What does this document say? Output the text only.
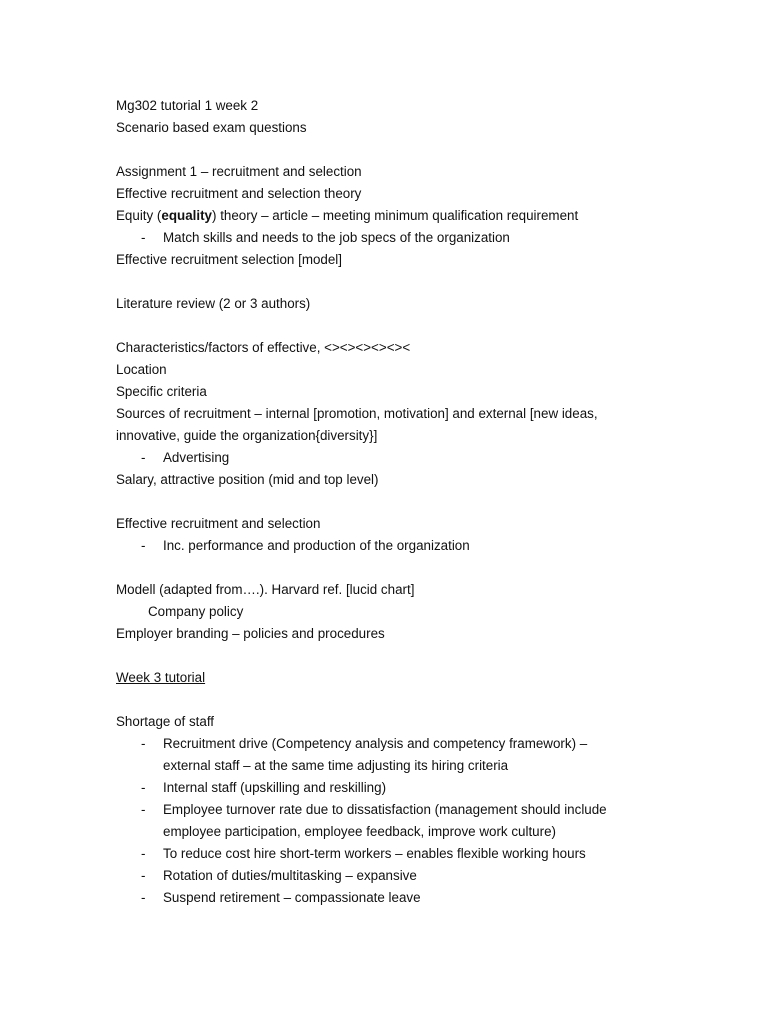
Mg302 tutorial 1 week 2
Scenario based exam questions
Assignment 1 – recruitment and selection
Effective recruitment and selection theory
Equity (equality) theory – article – meeting minimum qualification requirement
- Match skills and needs to the job specs of the organization
Effective recruitment selection [model]
Literature review (2 or 3 authors)
Characteristics/factors of effective, <><><><><><
Location
Specific criteria
Sources of recruitment – internal [promotion, motivation] and external [new ideas,
innovative, guide the organization{diversity}]
- Advertising
Salary, attractive position (mid and top level)
Effective recruitment and selection
- Inc. performance and production of the organization
Modell (adapted from….). Harvard ref. [lucid chart]
Company policy
Employer branding – policies and procedures
Week 3 tutorial
Shortage of staff
- Recruitment drive (Competency analysis and competency framework) –
external staff – at the same time adjusting its hiring criteria
- Internal staff (upskilling and reskilling)
- Employee turnover rate due to dissatisfaction (management should include
employee participation, employee feedback, improve work culture)
- To reduce cost hire short-term workers – enables flexible working hours
- Rotation of duties/multitasking – expansive
- Suspend retirement – compassionate leave
